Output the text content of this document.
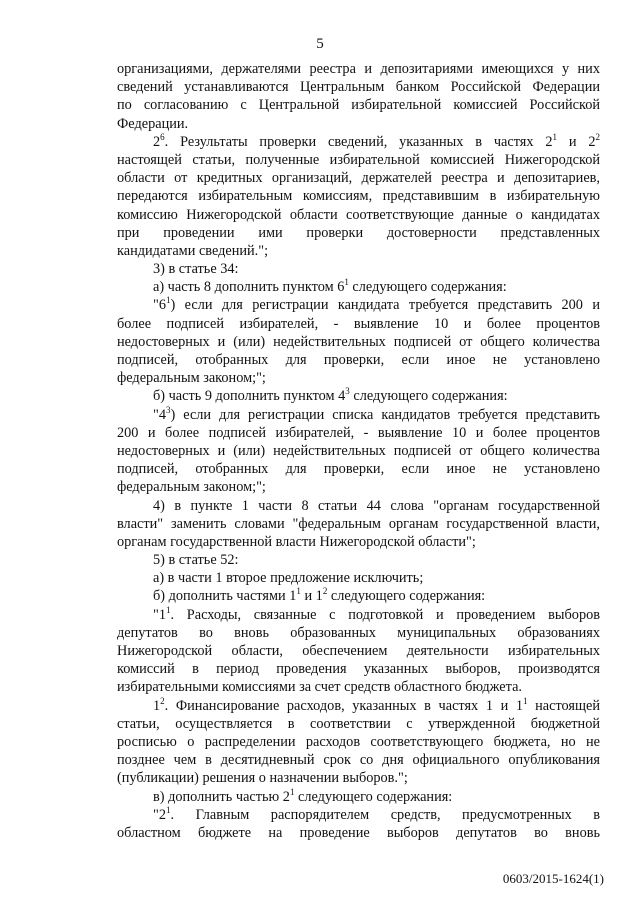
5
организациями, держателями реестра и депозитариями имеющихся у них
сведений устанавливаются Центральным банком Российской Федерации
по согласованию с Центральной избирательной комиссией Российской
Федерации.
$2^6$. Результаты проверки сведений, указанных в частях $2^1$ и $2^2$
настоящей статьи, полученные избирательной комиссией Нижегородской
области от кредитных организаций, держателей реестра и депозитариев,
передаются избирательным комиссиям, представившим в избирательную
комиссию Нижегородской области соответствующие данные о кандидатах
при проведении ими проверки достоверности представленных
кандидатами сведений.";
3) в статье 34:
а) часть 8 дополнить пунктом $6^1$ следующего содержания:
"$6^1$) если для регистрации кандидата требуется представить 200 и
более подписей избирателей, - выявление 10 и более процентов
недостоверных и (или) недействительных подписей от общего количества
подписей, отобранных для проверки, если иное не установлено
федеральным законом;";
б) часть 9 дополнить пунктом $4^3$ следующего содержания:
"$4^3$) если для регистрации списка кандидатов требуется представить
200 и более подписей избирателей, - выявление 10 и более процентов
недостоверных и (или) недействительных подписей от общего количества
подписей, отобранных для проверки, если иное не установлено
федеральным законом;";
4) в пункте 1 части 8 статьи 44 слова "органам государственной
власти" заменить словами "федеральным органам государственной власти,
органам государственной власти Нижегородской области";
5) в статье 52:
а) в части 1 второе предложение исключить;
б) дополнить частями $1^1$ и $1^2$ следующего содержания:
"$1^1$. Расходы, связанные с подготовкой и проведением выборов
депутатов во вновь образованных муниципальных образованиях
Нижегородской области, обеспечением деятельности избирательных
комиссий в период проведения указанных выборов, производятся
избирательными комиссиями за счет средств областного бюджета.
$1^2$. Финансирование расходов, указанных в частях 1 и $1^1$ настоящей
статьи, осуществляется в соответствии с утвержденной бюджетной
росписью о распределении расходов соответствующего бюджета, но не
позднее чем в десятидневный срок со дня официального опубликования
(публикации) решения о назначении выборов.";
в) дополнить частью $2^1$ следующего содержания:
"$2^1$. Главным распорядителем средств, предусмотренных в
областном бюджете на проведение выборов депутатов во вновь
0603/2015-1624(1)
